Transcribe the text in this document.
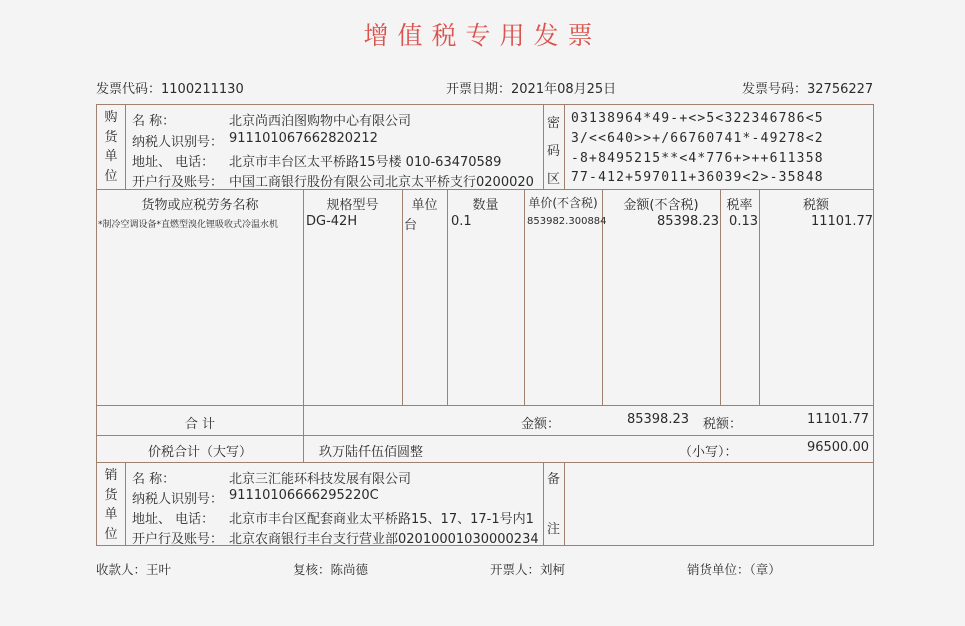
增值税专用发票
发票代码：1100211130	开票日期：2021年08月25日	发票号码：32756227
购
货
单
位
名 称：	北京尚西泊图购物中心有限公司
纳税人识别号： 911101067662820212
地址、 电话： 北京市丰台区太平桥路15号楼 010-63470589
开户行及账号： 中国工商银行股份有限公司北京太平桥支行0200020
密
码
区
03138964*49-+<>5<322346786<5
3/<<640>>+/66760741*-49278<2
-8+8495215**<4*776+>++611358
77-412+597011+36039<2>-35848
货物或应税劳务名称	规格型号	单位	数量	单价(不含税)	金额(不含税)	税率	税额
*制冷空调设备*直燃型溴化锂吸收式冷温水机 DG-42H	台	0.1	853982.300884	85398.23 0.13	11101.77
合 计	金额：	85398.23 税额：	11101.77
价税合计（大写）	玖万陆仟伍佰圆整	（小写）：	96500.00
销
货
单
位
名 称：	北京三汇能环科技发展有限公司
纳税人识别号： 91110106666295220C
地址、 电话： 北京市丰台区配套商业太平桥路15、17、17-1号内1
开户行及账号： 北京农商银行丰台支行营业部02010001030000234
备
注
收款人：王叶	复核：陈尚德	开票人：刘柯	销货单位：（章）
